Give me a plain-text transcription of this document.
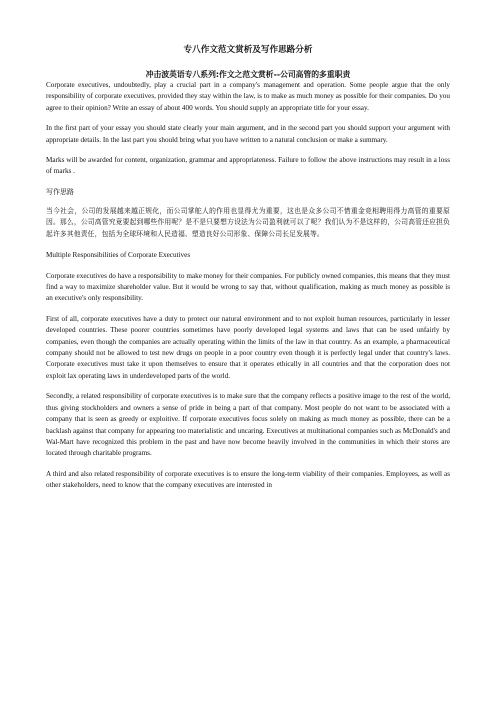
专八作文范文赏析及写作思路分析
冲击波英语专八系列:作文之范文赏析--公司高管的多重职责

Corporate executives, undoubtedly, play a crucial part in a company's management and operation. Some people argue that the only responsibility of corporate executives, provided they stay within the law, is to make as much money as possible for their companies. Do you agree to their opinion? Write an essay of about 400 words. You should supply an appropriate title for your essay.

In the first part of your essay you should state clearly your main argument, and in the second part you should support your argument with appropriate details. In the last part you should bring what you have written to a natural conclusion or make a summary.

Marks will be awarded for content, organization, grammar and appropriateness. Failure to follow the above instructions may result in a loss of marks .

写作思路

当今社会，公司的发展越来越正规化，而公司掌舵人的作用也显得尤为重要，这也是众多公司不惜重金竞相聘用得力高管的重要原因。那么，公司高管究竟要起到哪些作用呢？是不是只要想方设法为公司盈利就可以了呢？我们认为不是这样的，公司高管还应担负起许多其他责任，包括为全球环境和人民造福、塑造良好公司形象、保障公司长足发展等。

Multiple Responsibilities of Corporate Executives

Corporate executives do have a responsibility to make money for their companies. For publicly owned companies, this means that they must find a way to maximize shareholder value. But it would be wrong to say that, without qualification, making as much money as possible is an executive's only responsibility.

First of all, corporate executives have a duty to protect our natural environment and to not exploit human resources, particularly in lesser developed countries. These poorer countries sometimes have poorly developed legal systems and laws that can be used unfairly by companies, even though the companies are actually operating within the limits of the law in that country. As an example, a pharmaceutical company should not be allowed to test new drugs on people in a poor country even though it is perfectly legal under that country's laws. Corporate executives must take it upon themselves to ensure that it operates ethically in all countries and that the corporation does not exploit lax operating laws in underdeveloped parts of the world.

Secondly, a related responsibility of corporate executives is to make sure that the company reflects a positive image to the rest of the world, thus giving stockholders and owners a sense of pride in being a part of that company. Most people do not want to be associated with a company that is seen as greedy or exploitive. If corporate executives focus solely on making as much money as possible, there can be a backlash against that company for appearing too materialistic and uncaring. Executives at multinational companies such as McDonald's and Wal-Mart have recognized this problem in the past and have now become heavily involved in the communities in which their stores are located through charitable programs.

A third and also related responsibility of corporate executives is to ensure the long-term viability of their companies. Employees, as well as other stakeholders, need to know that the company executives are interested in
